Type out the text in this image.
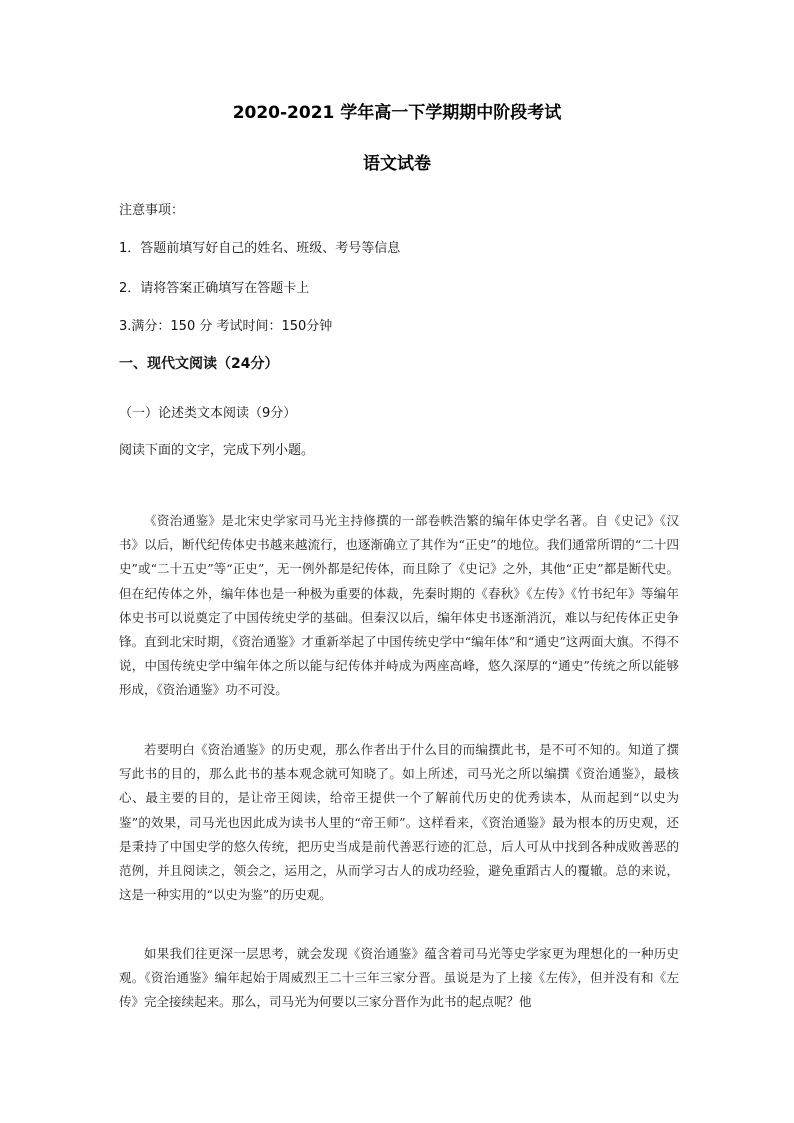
2020-2021 学年高一下学期期中阶段考试
语文试卷
注意事项：
1．答题前填写好自己的姓名、班级、考号等信息
2．请将答案正确填写在答题卡上
3.满分：150 分 考试时间：150分钟
一、现代文阅读（24分）
（一）论述类文本阅读（9分）
阅读下面的文字，完成下列小题。

《资治通鉴》是北宋史学家司马光主持修撰的一部卷帙浩繁的编年体史学名著。自《史记》《汉书》以后，断代纪传体史书越来越流行，也逐渐确立了其作为“正史”的地位。我们通常所谓的“二十四史”或“二十五史”等“正史”，无一例外都是纪传体，而且除了《史记》之外，其他“正史”都是断代史。但在纪传体之外，编年体也是一种极为重要的体裁，先秦时期的《春秋》《左传》《竹书纪年》等编年体史书可以说奠定了中国传统史学的基础。但秦汉以后，编年体史书逐渐消沉，难以与纪传体正史争锋。直到北宋时期，《资治通鉴》才重新举起了中国传统史学中“编年体”和“通史”这两面大旗。不得不说，中国传统史学中编年体之所以能与纪传体并峙成为两座高峰，悠久深厚的“通史”传统之所以能够形成，《资治通鉴》功不可没。

若要明白《资治通鉴》的历史观，那么作者出于什么目的而编撰此书，是不可不知的。知道了撰写此书的目的，那么此书的基本观念就可知晓了。如上所述，司马光之所以编撰《资治通鉴》，最核心、最主要的目的，是让帝王阅读，给帝王提供一个了解前代历史的优秀读本，从而起到“以史为鉴”的效果，司马光也因此成为读书人里的“帝王师”。这样看来，《资治通鉴》最为根本的历史观，还是秉持了中国史学的悠久传统，把历史当成是前代善恶行迹的汇总，后人可从中找到各种成败善恶的范例，并且阅读之，领会之，运用之，从而学习古人的成功经验，避免重蹈古人的覆辙。总的来说，这是一种实用的“以史为鉴”的历史观。

如果我们往更深一层思考，就会发现《资治通鉴》蕴含着司马光等史学家更为理想化的一种历史观。《资治通鉴》编年起始于周威烈王二十三年三家分晋。虽说是为了上接《左传》，但并没有和《左传》完全接续起来。那么，司马光为何要以三家分晋作为此书的起点呢？他
